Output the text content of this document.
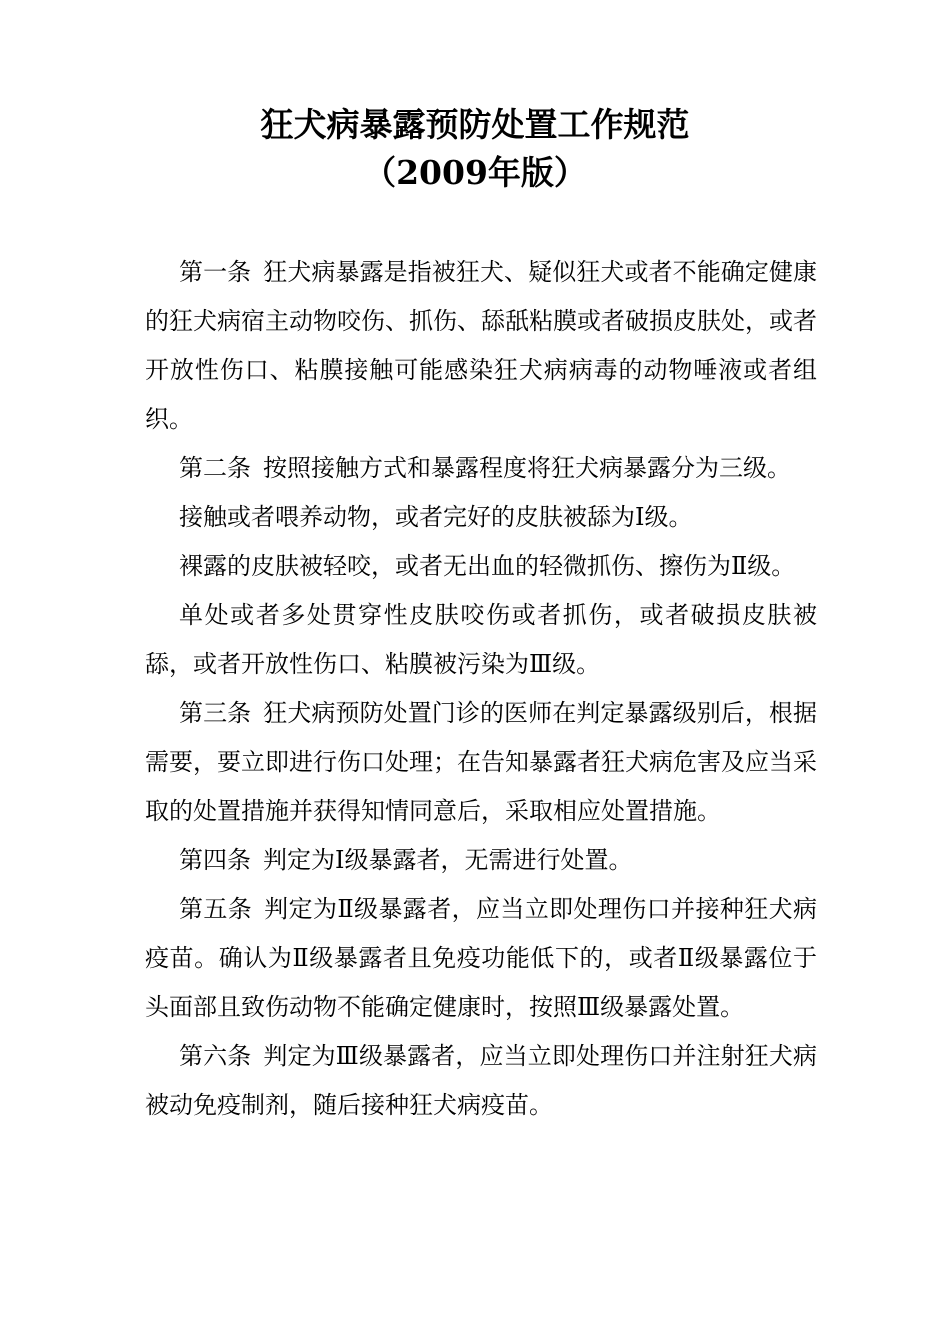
狂犬病暴露预防处置工作规范
（2009年版）

第一条 狂犬病暴露是指被狂犬、疑似狂犬或者不能确定健康的狂犬病宿主动物咬伤、抓伤、舔舐粘膜或者破损皮肤处，或者开放性伤口、粘膜接触可能感染狂犬病病毒的动物唾液或者组织。

第二条 按照接触方式和暴露程度将狂犬病暴露分为三级。

接触或者喂养动物，或者完好的皮肤被舔为Ⅰ级。

裸露的皮肤被轻咬，或者无出血的轻微抓伤、擦伤为Ⅱ级。

单处或者多处贯穿性皮肤咬伤或者抓伤，或者破损皮肤被舔，或者开放性伤口、粘膜被污染为Ⅲ级。

第三条 狂犬病预防处置门诊的医师在判定暴露级别后，根据需要，要立即进行伤口处理；在告知暴露者狂犬病危害及应当采取的处置措施并获得知情同意后，采取相应处置措施。

第四条 判定为Ⅰ级暴露者，无需进行处置。

第五条 判定为Ⅱ级暴露者，应当立即处理伤口并接种狂犬病疫苗。确认为Ⅱ级暴露者且免疫功能低下的，或者Ⅱ级暴露位于头面部且致伤动物不能确定健康时，按照Ⅲ级暴露处置。

第六条 判定为Ⅲ级暴露者，应当立即处理伤口并注射狂犬病被动免疫制剂，随后接种狂犬病疫苗。
